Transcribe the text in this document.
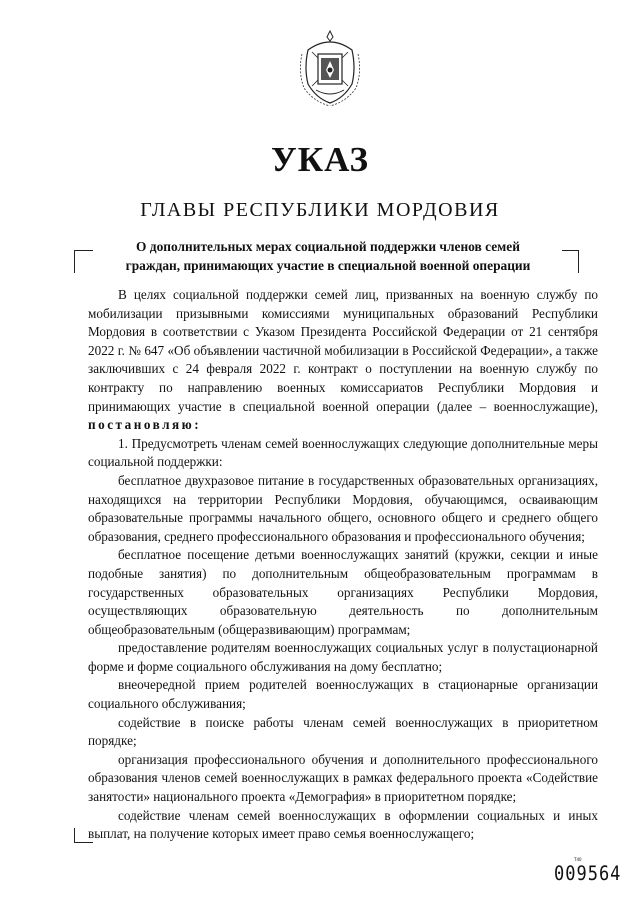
УКАЗ
ГЛАВЫ РЕСПУБЛИКИ МОРДОВИЯ
О дополнительных мерах социальной поддержки членов семей
граждан, принимающих участие в специальной военной операции

В целях социальной поддержки семей лиц, призванных на военную службу по мобилизации призывными комиссиями муниципальных образований Республики Мордовия в соответствии с Указом Президента Российской Федерации от 21 сентября 2022 г. № 647 «Об объявлении частичной мобилизации в Российской Федерации», а также заключивших с 24 февраля 2022 г. контракт о поступлении на военную службу по контракту по направлению военных комиссариатов Республики Мордовия и принимающих участие в специальной военной операции (далее – военнослужащие), постановляю:

1. Предусмотреть членам семей военнослужащих следующие дополнительные меры социальной поддержки:

бесплатное двухразовое питание в государственных образовательных организациях, находящихся на территории Республики Мордовия, обучающимся, осваивающим образовательные программы начального общего, основного общего и среднего общего образования, среднего профессионального образования и профессионального обучения;

бесплатное посещение детьми военнослужащих занятий (кружки, секции и иные подобные занятия) по дополнительным общеобразовательным программам в государственных образовательных организациях Республики Мордовия, осуществляющих образовательную деятельность по дополнительным общеобразовательным (общеразвивающим) программам;

предоставление родителям военнослужащих социальных услуг в полустационарной форме и форме социального обслуживания на дому бесплатно;

внеочередной прием родителей военнослужащих в стационарные организации социального обслуживания;

содействие в поиске работы членам семей военнослужащих в приоритетном порядке;

организация профессионального обучения и дополнительного профессионального образования членов семей военнослужащих в рамках федерального проекта «Содействие занятости» национального проекта «Демография» в приоритетном порядке;

содействие членам семей военнослужащих в оформлении социальных и иных выплат, на получение которых имеет право семья военнослужащего;

T40
009564
